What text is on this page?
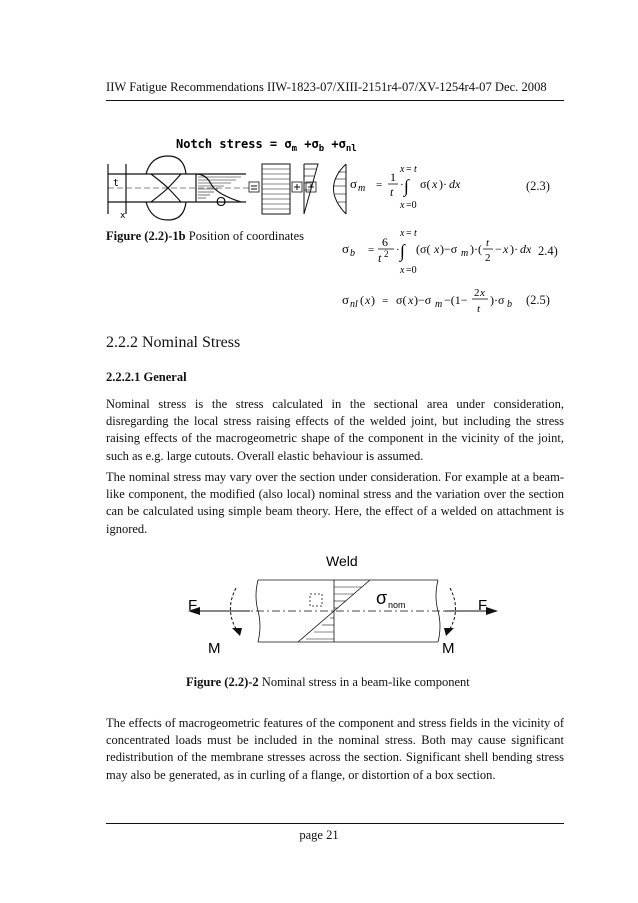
IIW Fatigue Recommendations IIW-1823-07/XIII-2151r4-07/XV-1254r4-07 Dec. 2008
Notch stress = $\sigma_m +\sigma_b +\sigma_{nl}$
t
x
O
Figure (2.2)-1b Position of coordinates
x = t
σ m =
1
t · ∫ σ( x )· dx
x =0
(2.3)
x = t
σ b =
6
t 2 · ∫ (σ( x )−σ m )·( t
2
− x )· dx
x =0
2.4)
σ nl ( x ) = σ( x )−σ m −(1− 2 x
t
)·σ b (2.5)
2.2.2 Nominal Stress
2.2.2.1 General
Nominal stress is the stress calculated in the sectional area under consideration, disregarding the local stress raising effects of the welded joint, but including the stress raising effects of the macrogeometric shape of the component in the vicinity of the joint, such as e.g. large cutouts. Overall elastic behaviour is assumed.
The nominal stress may vary over the section under consideration. For example at a beam-like component, the modified (also local) nominal stress and the variation over the section can be calculated using simple beam theory. Here, the effect of a welded on attachment is ignored.
Weld
σ nom
F	F
M	M
Figure (2.2)-2 Nominal stress in a beam-like component
The effects of macrogeometric features of the component and stress fields in the vicinity of concentrated loads must be included in the nominal stress. Both may cause significant redistribution of the membrane stresses across the section. Significant shell bending stress may also be generated, as in curling of a flange, or distortion of a box section.
page 21
